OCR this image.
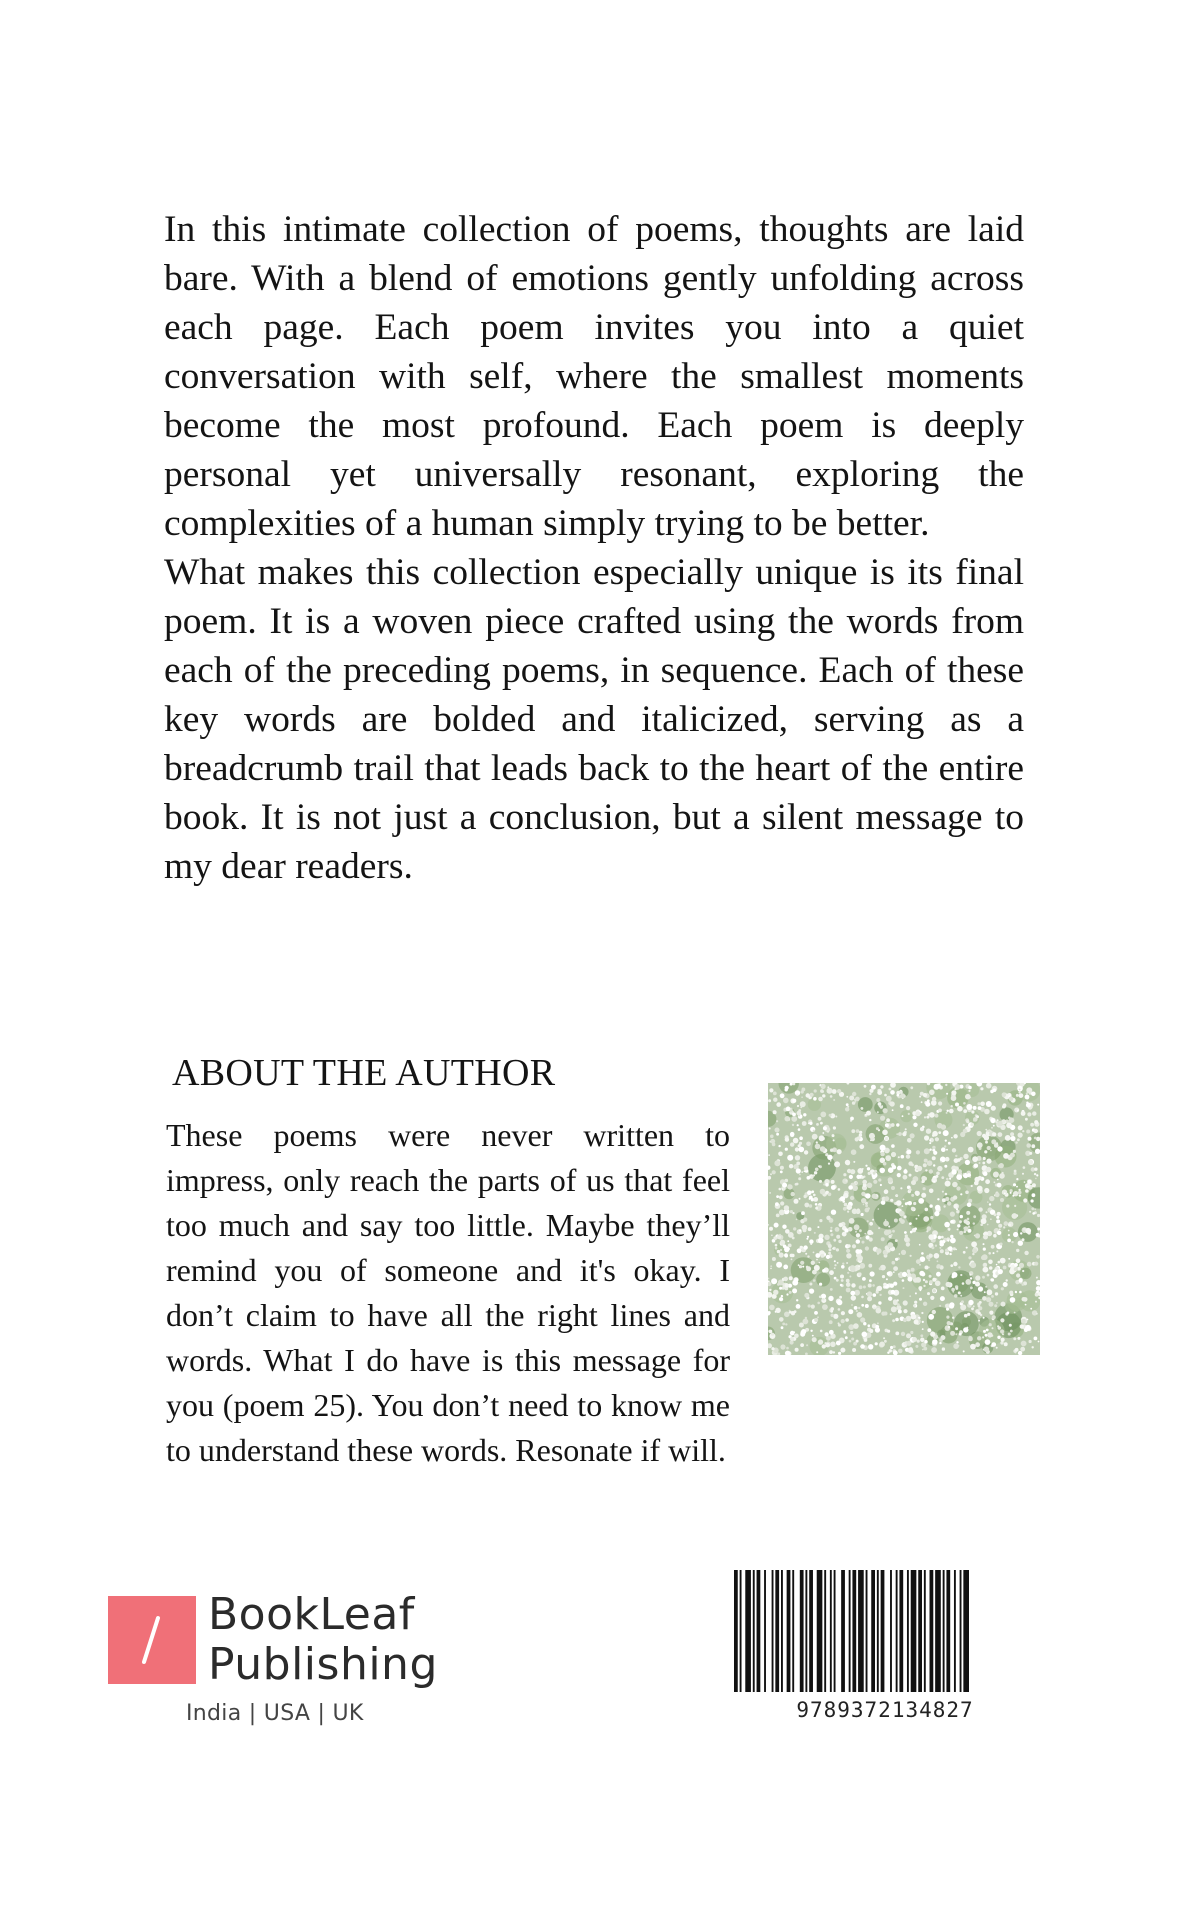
In this intimate collection of poems, thoughts are laid bare. With a blend of emotions gently unfolding across each page. Each poem invites you into a quiet conversation with self, where the smallest moments become the most profound. Each poem is deeply personal yet universally resonant, exploring the complexities of a human simply trying to be better.

What makes this collection especially unique is its final poem. It is a woven piece crafted using the words from each of the preceding poems, in sequence. Each of these key words are bolded and italicized, serving as a breadcrumb trail that leads back to the heart of the entire book. It is not just a conclusion, but a silent message to my dear readers.

ABOUT THE AUTHOR

These poems were never written to impress, only reach the parts of us that feel too much and say too little. Maybe they’ll remind you of someone and it's okay. I don’t claim to have all the right lines and words. What I do have is this message for you (poem 25). You don’t need to know me to understand these words. Resonate if will.

BookLeaf
Publishing
India | USA | UK	9789372134827
